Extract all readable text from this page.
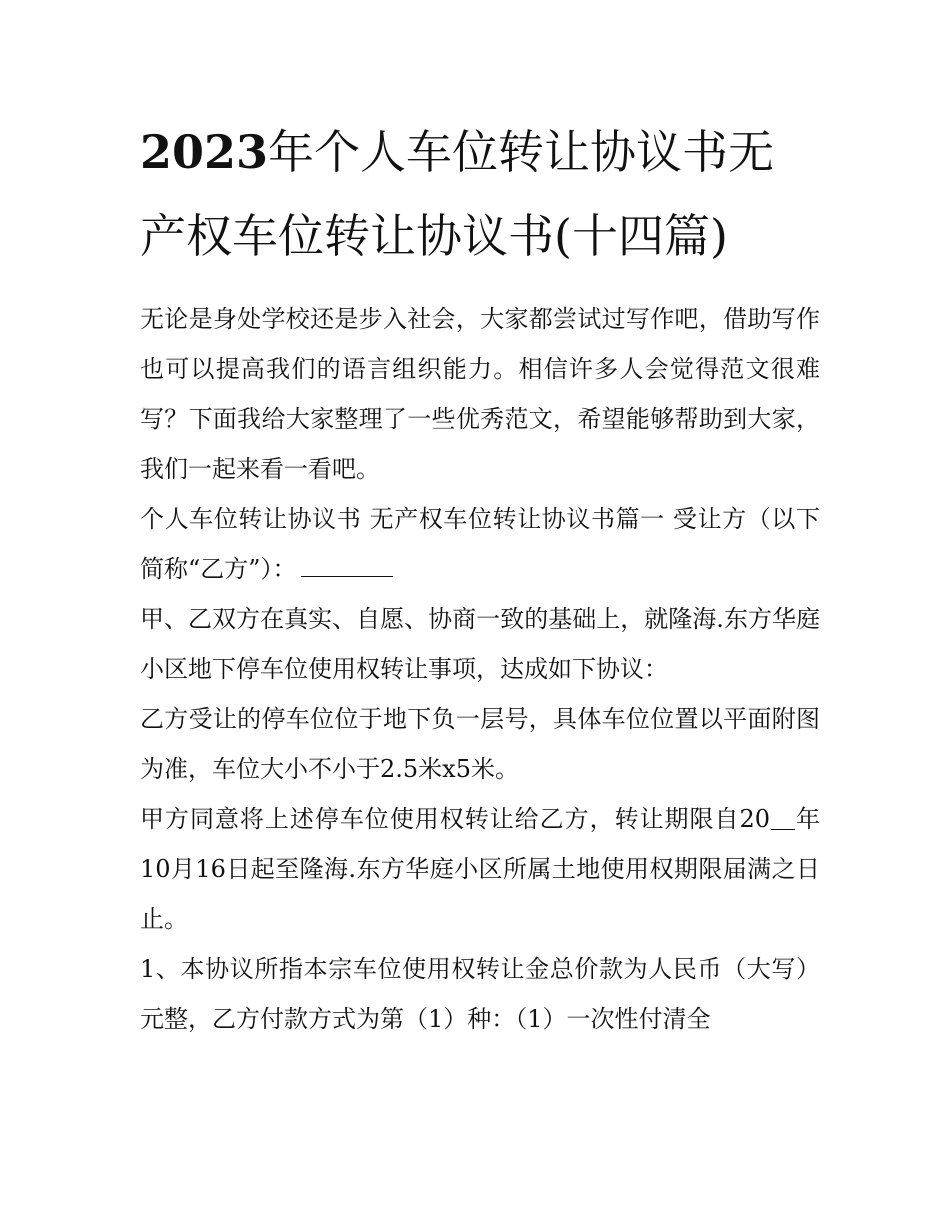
2023年个人车位转让协议书无产权车位转让协议书(十四篇)

无论是身处学校还是步入社会，大家都尝试过写作吧，借助写作也可以提高我们的语言组织能力。相信许多人会觉得范文很难写？下面我给大家整理了一些优秀范文，希望能够帮助到大家，我们一起来看一看吧。

个人车位转让协议书 无产权车位转让协议书篇一 受让方（以下简称“乙方”）：

甲、乙双方在真实、自愿、协商一致的基础上，就隆海.东方华庭小区地下停车位使用权转让事项，达成如下协议：

乙方受让的停车位位于地下负一层号，具体车位位置以平面附图为准，车位大小不小于2.5米x5米。

甲方同意将上述停车位使用权转让给乙方，转让期限自20＿年10月16日起至隆海.东方华庭小区所属土地使用权期限届满之日止。

1、本协议所指本宗车位使用权转让金总价款为人民币（大写）元整，乙方付款方式为第（1）种：（1）一次性付清全
